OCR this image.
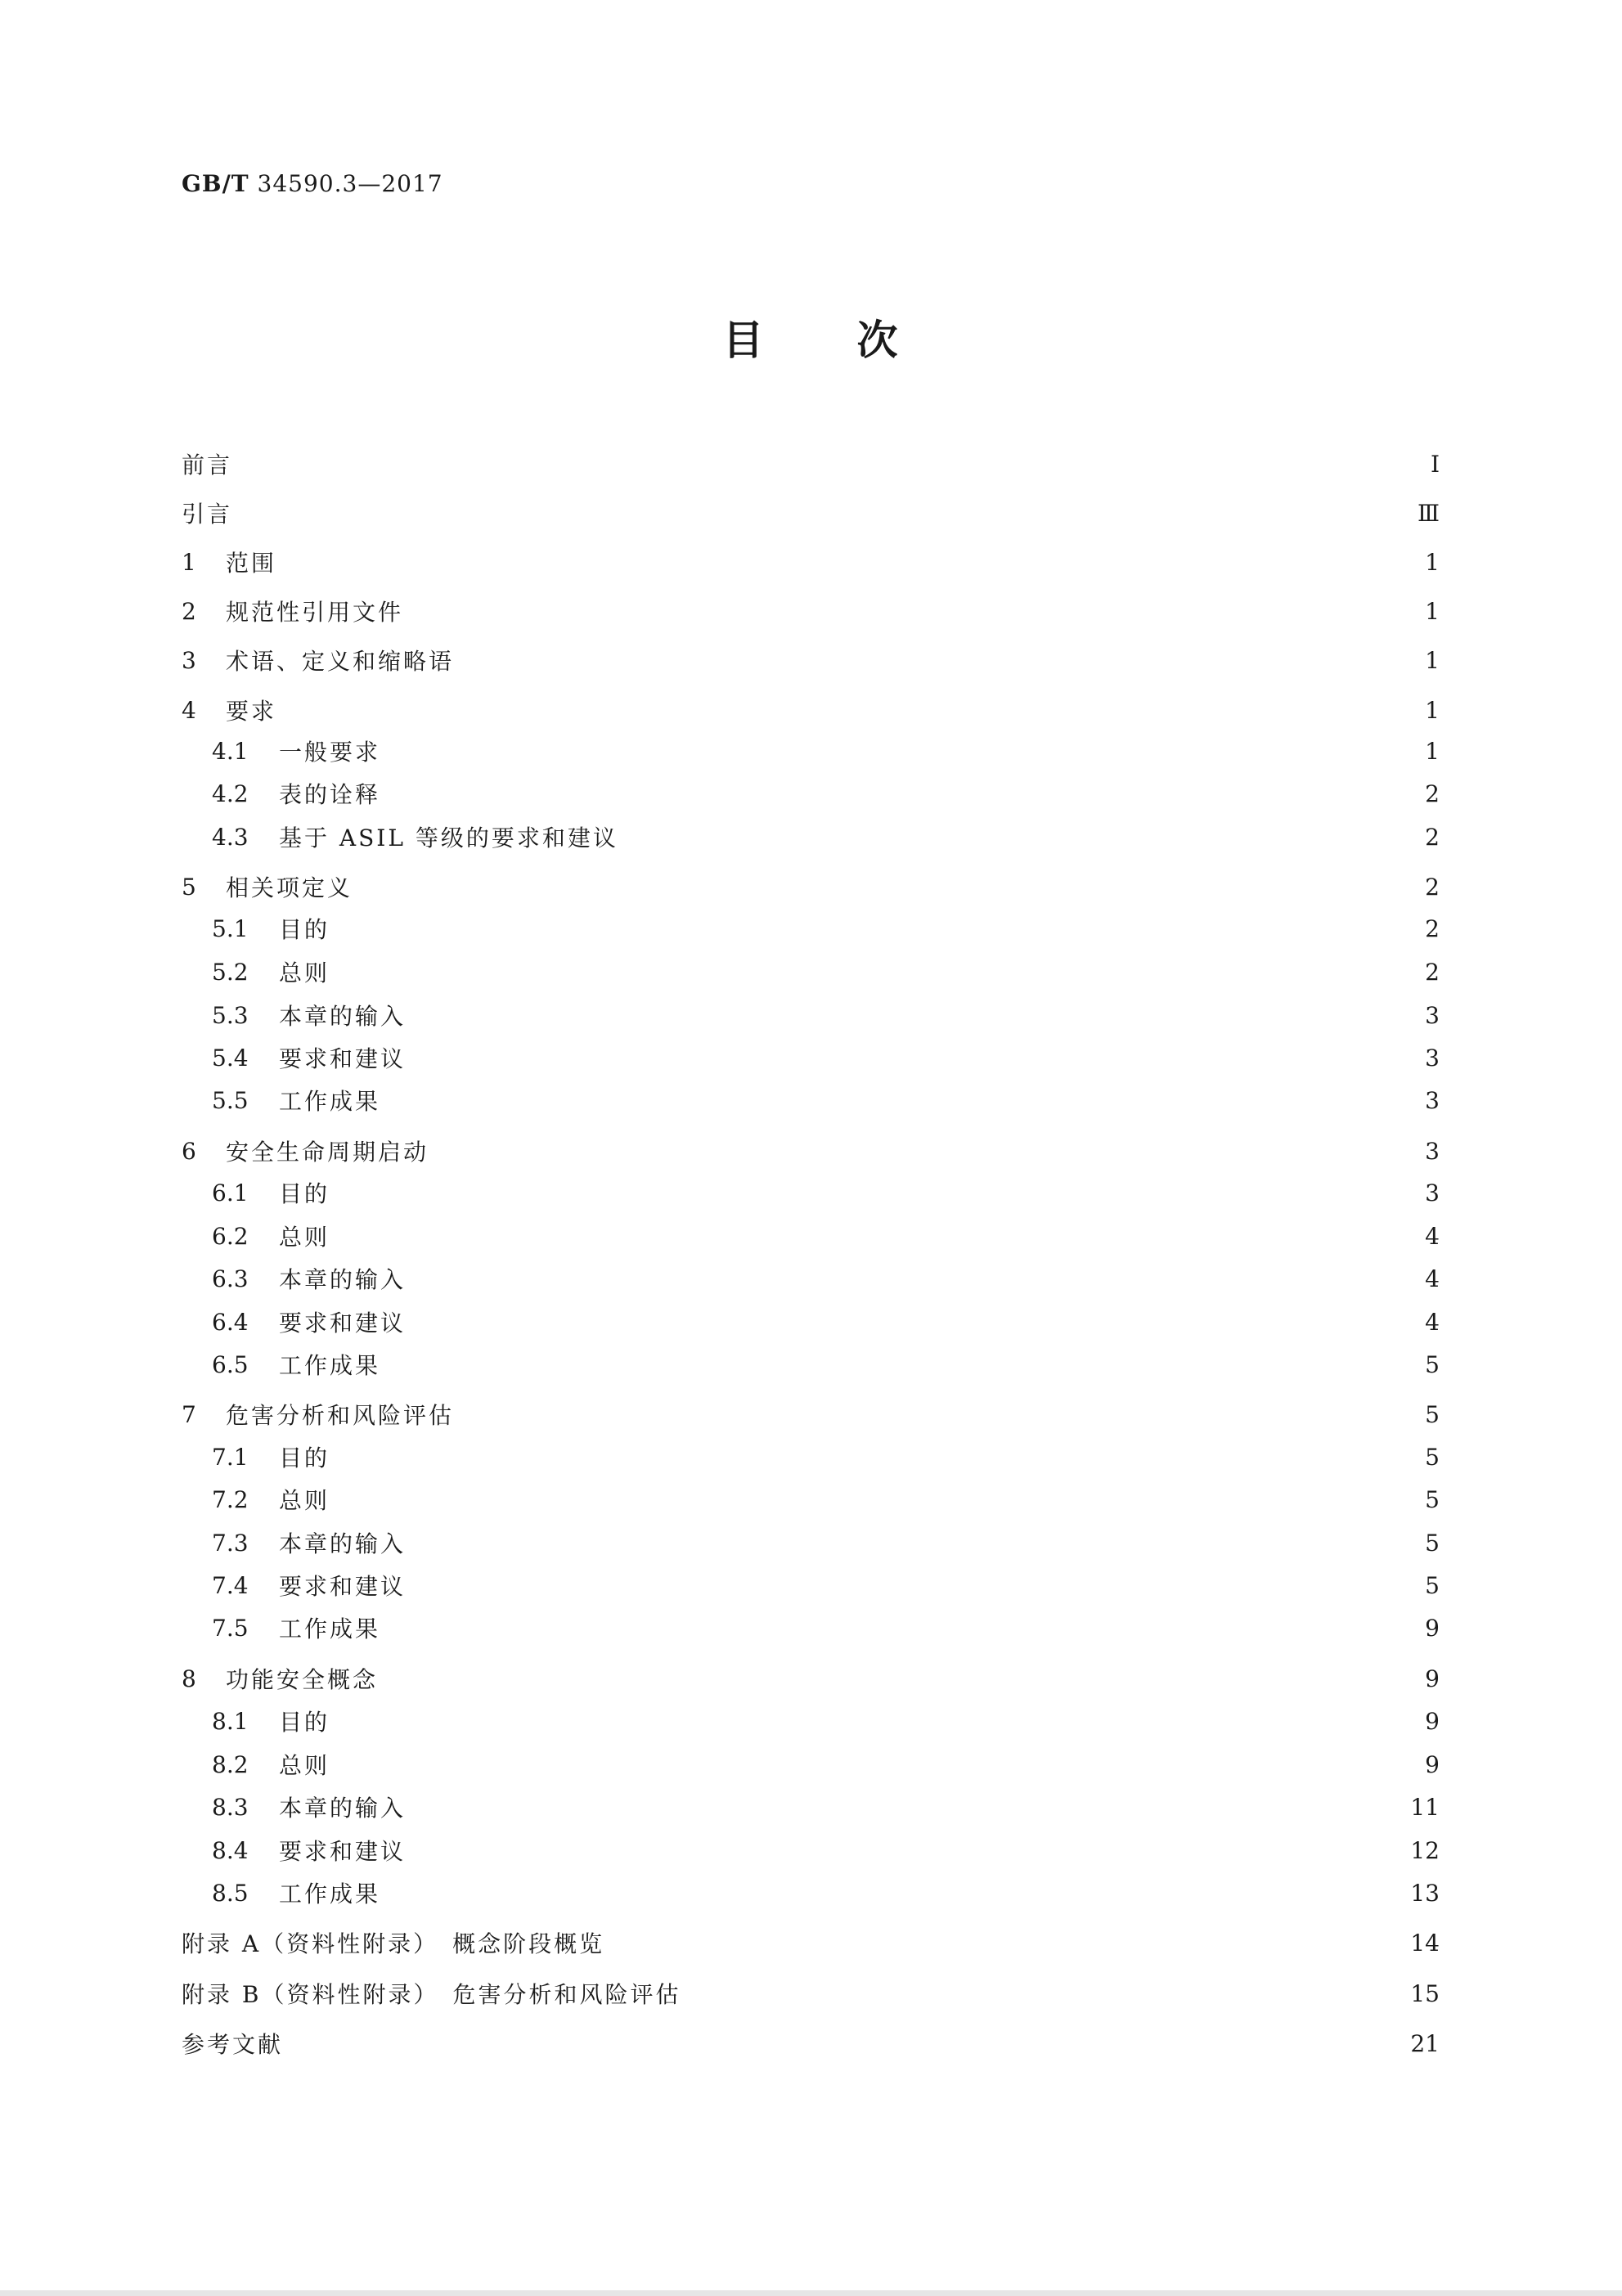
GB/T 34590.3—2017
目 次
前言	Ⅰ
引言	Ⅲ
1	范围	1
2	规范性引用文件	1
3	术语、定义和缩略语	1
4	要求	1
4.1	一般要求	1
4.2	表的诠释	2
4.3	基于 ASIL 等级的要求和建议	2
5	相关项定义	2
5.1	目的	2
5.2	总则	2
5.3	本章的输入	3
5.4	要求和建议	3
5.5	工作成果	3
6	安全生命周期启动	3
6.1	目的	3
6.2	总则	4
6.3	本章的输入	4
6.4	要求和建议	4
6.5	工作成果	5
7	危害分析和风险评估	5
7.1	目的	5
7.2	总则	5
7.3	本章的输入	5
7.4	要求和建议	5
7.5	工作成果	9
8	功能安全概念	9
8.1	目的	9
8.2	总则	9
8.3	本章的输入	11
8.4	要求和建议	12
8.5	工作成果	13
附录 A（资料性附录）　概念阶段概览	14
附录 B（资料性附录）　危害分析和风险评估	15
参考文献	21
